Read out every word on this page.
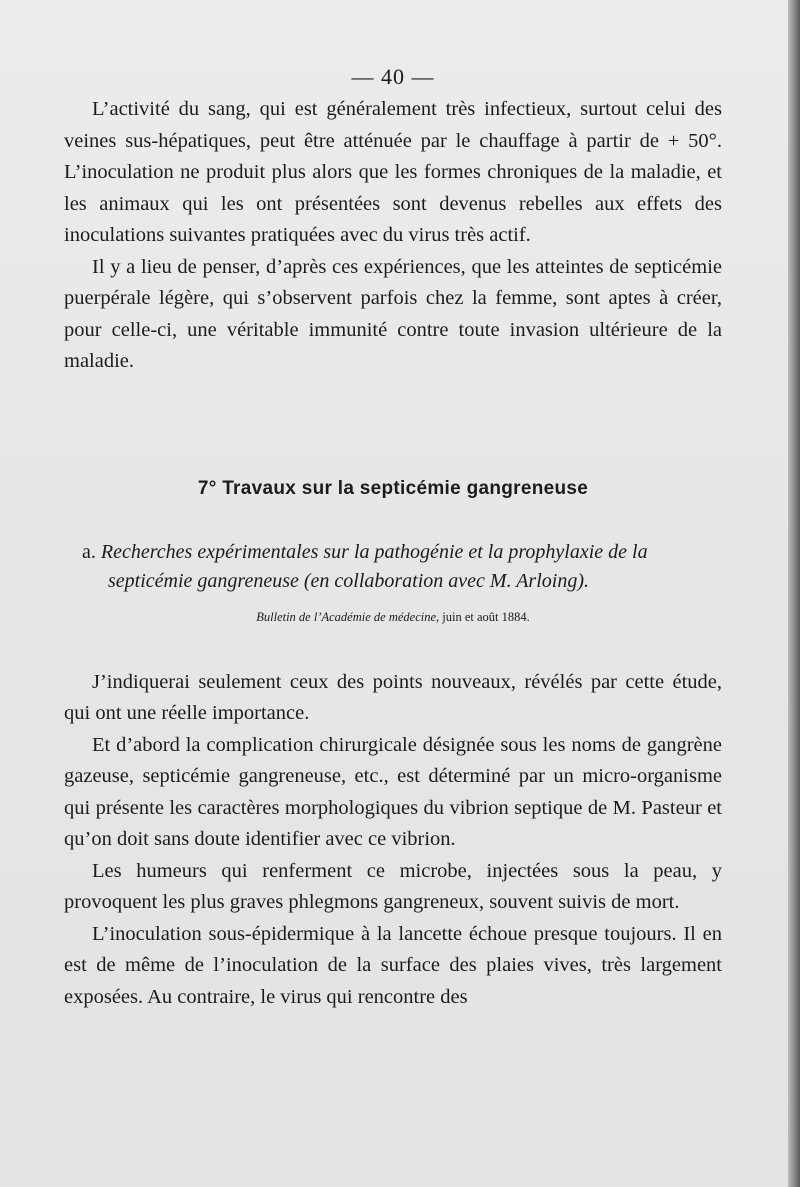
— 40 —

L’activité du sang, qui est généralement très infectieux, surtout celui des veines sus-hépatiques, peut être atténuée par le chauffage à partir de + 50°. L’inoculation ne produit plus alors que les formes chroniques de la maladie, et les animaux qui les ont présentées sont devenus rebelles aux effets des inoculations suivantes pratiquées avec du virus très actif.

Il y a lieu de penser, d’après ces expériences, que les atteintes de septicémie puerpérale légère, qui s’observent parfois chez la femme, sont aptes à créer, pour celle-ci, une véritable immunité contre toute invasion ultérieure de la maladie.

7° Travaux sur la septicémie gangreneuse

a. Recherches expérimentales sur la pathogénie et la prophylaxie de la septicémie gangreneuse (en collaboration avec M. Arloing).

Bulletin de l’Académie de médecine, juin et août 1884.

J’indiquerai seulement ceux des points nouveaux, révélés par cette étude, qui ont une réelle importance.

Et d’abord la complication chirurgicale désignée sous les noms de gangrène gazeuse, septicémie gangreneuse, etc., est déterminé par un micro-organisme qui présente les caractères morphologiques du vibrion septique de M. Pasteur et qu’on doit sans doute identifier avec ce vibrion.

Les humeurs qui renferment ce microbe, injectées sous la peau, y provoquent les plus graves phlegmons gangreneux, souvent suivis de mort.

L’inoculation sous-épidermique à la lancette échoue presque toujours. Il en est de même de l’inoculation de la surface des plaies vives, très largement exposées. Au contraire, le virus qui rencontre des
